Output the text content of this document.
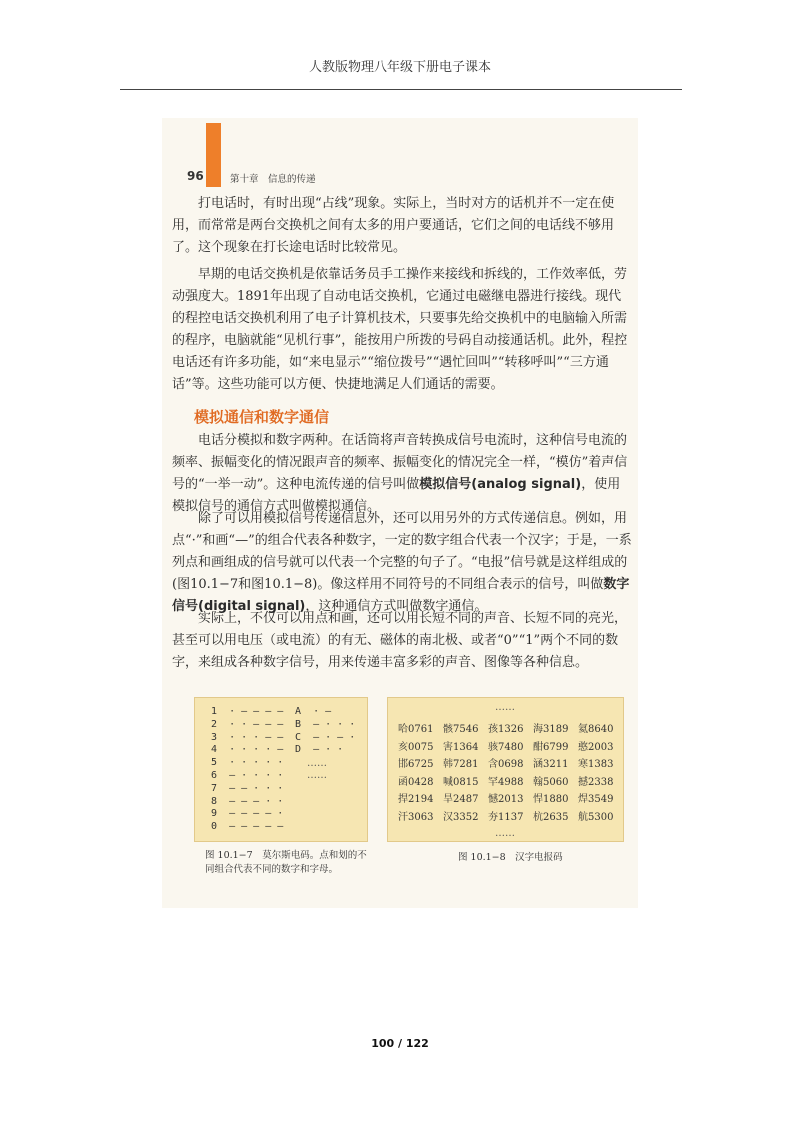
人教版物理八年级下册电子课本
96	第十章　信息的传递

打电话时，有时出现“占线”现象。实际上，当时对方的话机并不一定在使用，而常常是两台交换机之间有太多的用户要通话，它们之间的电话线不够用了。这个现象在打长途电话时比较常见。

早期的电话交换机是依靠话务员手工操作来接线和拆线的，工作效率低，劳动强度大。1891年出现了自动电话交换机，它通过电磁继电器进行接线。现代的程控电话交换机利用了电子计算机技术，只要事先给交换机中的电脑输入所需的程序，电脑就能“见机行事”，能按用户所拨的号码自动接通话机。此外，程控电话还有许多功能，如“来电显示”“缩位拨号”“遇忙回叫”“转移呼叫”“三方通话”等。这些功能可以方便、快捷地满足人们通话的需要。

模拟通信和数字通信

电话分模拟和数字两种。在话筒将声音转换成信号电流时，这种信号电流的频率、振幅变化的情况跟声音的频率、振幅变化的情况完全一样，“模仿”着声信号的“一举一动”。这种电流传递的信号叫做模拟信号(analog signal)，使用模拟信号的通信方式叫做模拟通信。

除了可以用模拟信号传递信息外，还可以用另外的方式传递信息。例如，用点“·”和画“—”的组合代表各种数字，一定的数字组合代表一个汉字；于是，一系列点和画组成的信号就可以代表一个完整的句子了。“电报”信号就是这样组成的(图10.1−7和图10.1−8)。像这样用不同符号的不同组合表示的信号，叫做数字信号(digital signal)，这种通信方式叫做数字通信。

实际上，不仅可以用点和画，还可以用长短不同的声音、长短不同的亮光，甚至可以用电压（或电流）的有无、磁体的南北极、或者“0”“1”两个不同的数字，来组成各种数字信号，用来传递丰富多彩的声音、图像等各种信息。

1 · — — — —
2 · · — — —
3 · · · — —
4 · · · · —
5 · · · · ·
6 — · · · ·
7 — — · · ·
8 — — — · ·
9 — — — — ·
0 — — — — —
A · —
B — · · ·
C — · — ·
D — · ·
……
……
图 10.1−7　 莫尔斯电码。点和划的不同组合代表不同的数字和字母。
……
哈0761 骸7546 孩1326 海3189 氦8640
亥0075 害1364 骇7480 酣6799 憨2003
邯6725 韩7281 含0698 涵3211 寒1383
函0428 喊0815 罕4988 翰5060 撼2338
捍2194 旱2487 憾2013 悍1880 焊3549
汗3063 汉3352 夯1137 杭2635 航5300
……
图 10.1−8　汉字电报码
100 / 122
